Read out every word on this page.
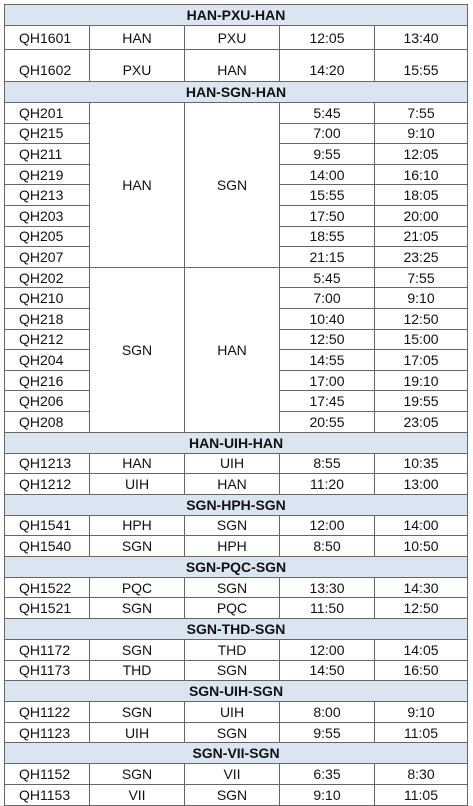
HAN-PXU-HAN				
QH1601	HAN	PXU	12:05	13:40
QH1602	PXU	HAN	14:20	15:55
HAN-SGN-HAN				
QH201	HAN	SGN	5:45	7:55
QH215			7:00	9:10
QH211			9:55	12:05
QH219			14:00	16:10
QH213			15:55	18:05
QH203			17:50	20:00
QH205			18:55	21:05
QH207			21:15	23:25
QH202	SGN	HAN	5:45	7:55
QH210			7:00	9:10
QH218			10:40	12:50
QH212			12:50	15:00
QH204			14:55	17:05
QH216			17:00	19:10
QH206			17:45	19:55
QH208			20:55	23:05
HAN-UIH-HAN				
QH1213	HAN	UIH	8:55	10:35
QH1212	UIH	HAN	11:20	13:00
SGN-HPH-SGN				
QH1541	HPH	SGN	12:00	14:00
QH1540	SGN	HPH	8:50	10:50
SGN-PQC-SGN				
QH1522	PQC	SGN	13:30	14:30
QH1521	SGN	PQC	11:50	12:50
SGN-THD-SGN				
QH1172	SGN	THD	12:00	14:05
QH1173	THD	SGN	14:50	16:50
SGN-UIH-SGN				
QH1122	SGN	UIH	8:00	9:10
QH1123	UIH	SGN	9:55	11:05
SGN-VII-SGN				
QH1152	SGN	VII	6:35	8:30
QH1153	VII	SGN	9:10	11:05
